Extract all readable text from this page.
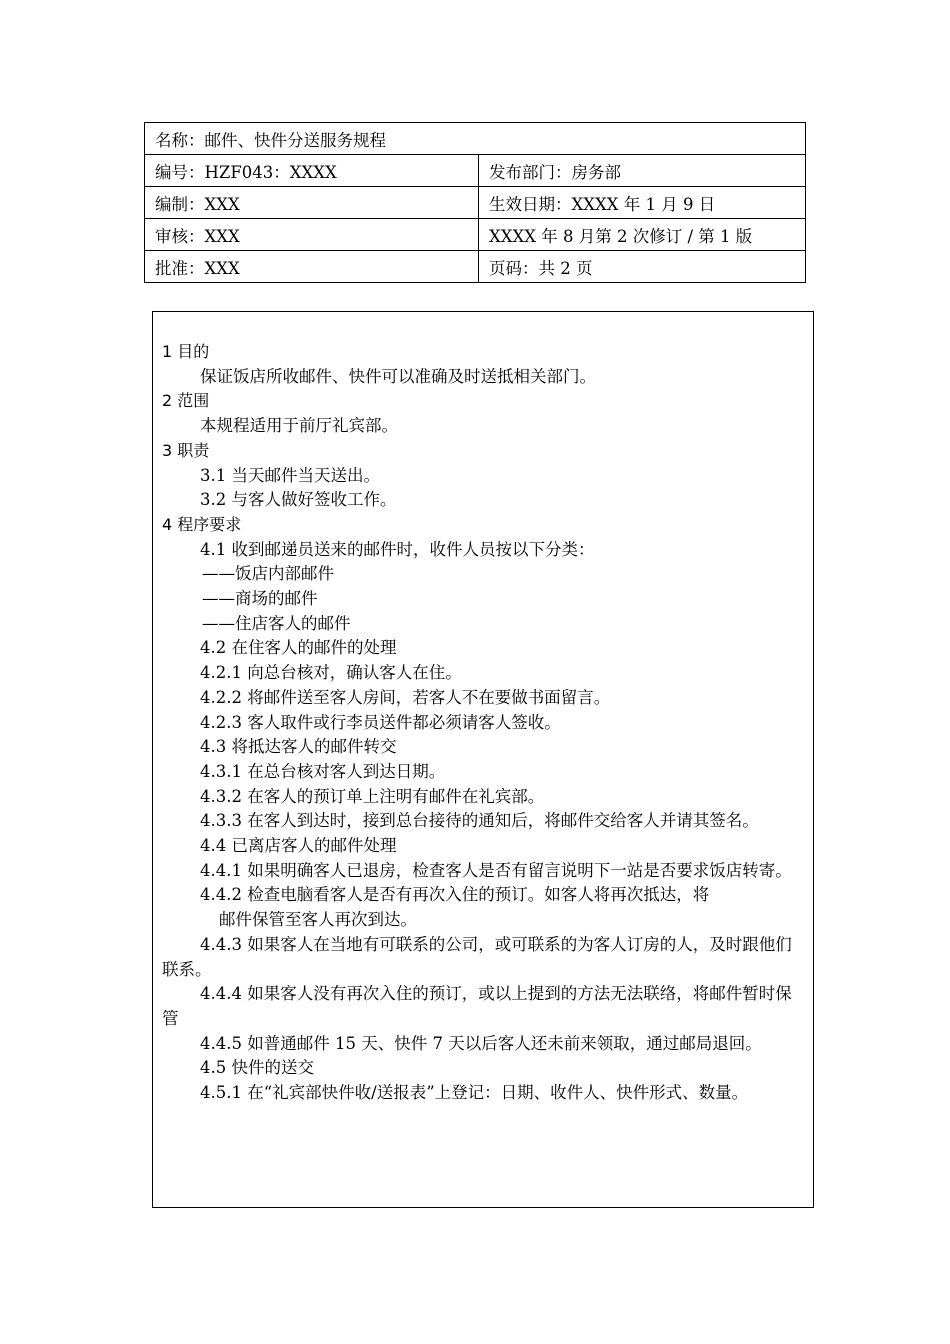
名称：邮件、快件分送服务规程	
编号：HZF043：XXXX	发布部门：房务部
编制：XXX	生效日期：XXXX 年 1 月 9 日
审核：XXX	XXXX 年 8 月第 2 次修订 / 第 1 版
批准：XXX	页码：共 2 页

1 目的

保证饭店所收邮件、快件可以准确及时送抵相关部门。

2 范围

本规程适用于前厅礼宾部。

3 职责

3.1 当天邮件当天送出。

3.2 与客人做好签收工作。

4 程序要求

4.1 收到邮递员送来的邮件时，收件人员按以下分类：

——饭店内部邮件

——商场的邮件

——住店客人的邮件

4.2 在住客人的邮件的处理

4.2.1 向总台核对，确认客人在住。

4.2.2 将邮件送至客人房间，若客人不在要做书面留言。

4.2.3 客人取件或行李员送件都必须请客人签收。

4.3 将抵达客人的邮件转交

4.3.1 在总台核对客人到达日期。

4.3.2 在客人的预订单上注明有邮件在礼宾部。

4.3.3 在客人到达时，接到总台接待的通知后，将邮件交给客人并请其签名。

4.4 已离店客人的邮件处理

4.4.1 如果明确客人已退房，检查客人是否有留言说明下一站是否要求饭店转寄。

4.4.2 检查电脑看客人是否有再次入住的预订。如客人将再次抵达，将

邮件保管至客人再次到达。

4.4.3 如果客人在当地有可联系的公司，或可联系的为客人订房的人，及时跟他们联系。

4.4.4 如果客人没有再次入住的预订，或以上提到的方法无法联络，将邮件暂时保管

4.4.5 如普通邮件 15 天、快件 7 天以后客人还未前来领取，通过邮局退回。

4.5 快件的送交

4.5.1 在“礼宾部快件收/送报表”上登记：日期、收件人、快件形式、数量。
